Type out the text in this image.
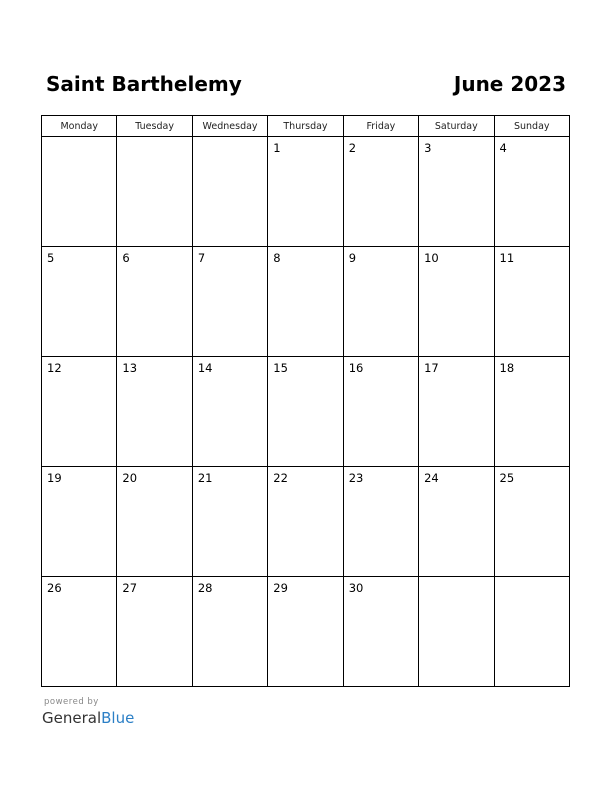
Saint Barthelemy	June 2023
Monday	Tuesday	Wednesday	Thursday	Friday	Saturday	Sunday

			1	2	3	4

5	6	7	8	9	10	11

12	13	14	15	16	17	18

19	20	21	22	23	24	25

26	27	28	29	30		

powered by
GeneralBlue
